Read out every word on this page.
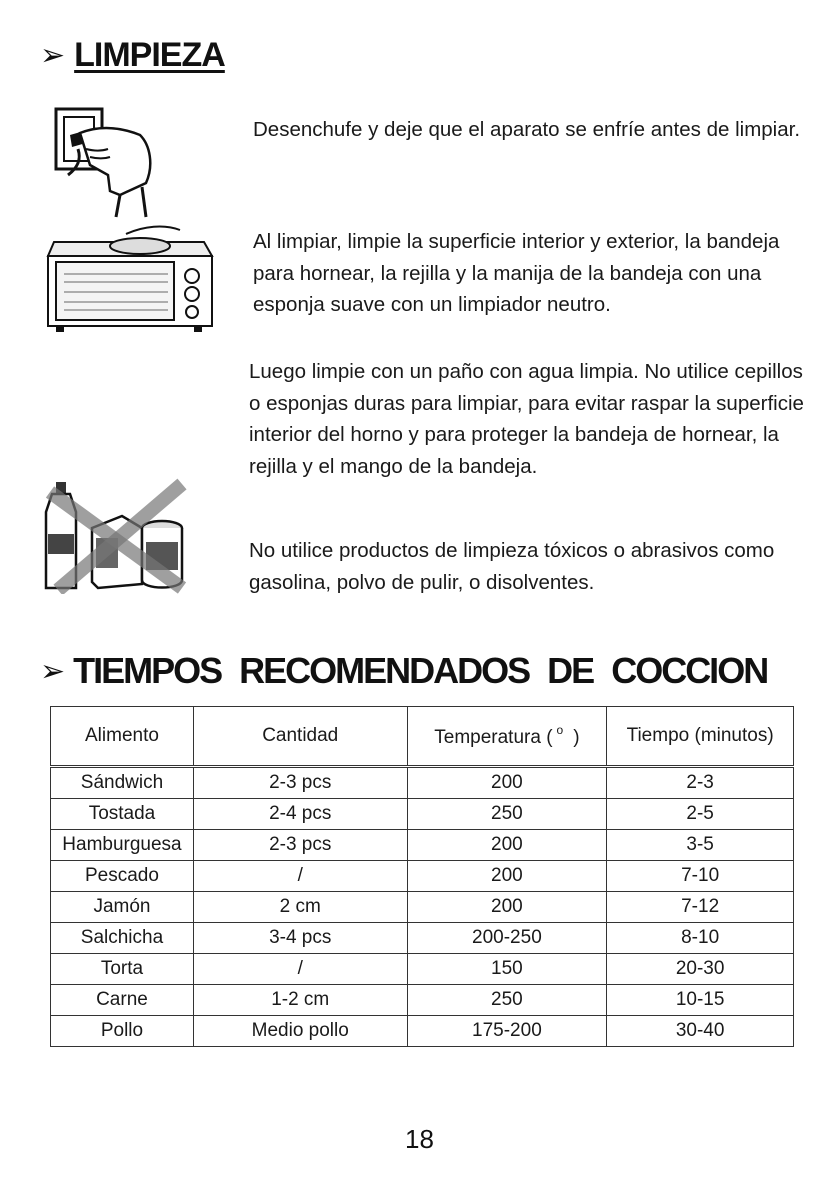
➢ LIMPIEZA

Desenchufe y deje que el aparato se enfríe antes de limpiar.

Al limpiar, limpie la superficie interior y exterior, la bandeja para hornear, la rejilla y la manija de la bandeja con una esponja suave con un limpiador neutro.

Luego limpie con un paño con agua limpia. No utilice cepillos o esponjas duras para limpiar, para evitar raspar la superficie interior del horno y para proteger la bandeja de hornear, la rejilla y el mango de la bandeja.

No utilice productos de limpieza tóxicos o abrasivos como gasolina, polvo de pulir, o disolventes.

➢ TIEMPOS RECOMENDADOS DE COCCION
Alimento	Cantidad	Temperatura ( $^o$ )	Tiempo (minutos)
Sándwich	2-3 pcs	200	2-3
Tostada	2-4 pcs	250	2-5
Hamburguesa	2-3 pcs	200	3-5
Pescado	/	200	7-10
Jamón	2 cm	200	7-12
Salchicha	3-4 pcs	200-250	8-10
Torta	/	150	20-30
Carne	1-2 cm	250	10-15
Pollo	Medio pollo	175-200	30-40
18
